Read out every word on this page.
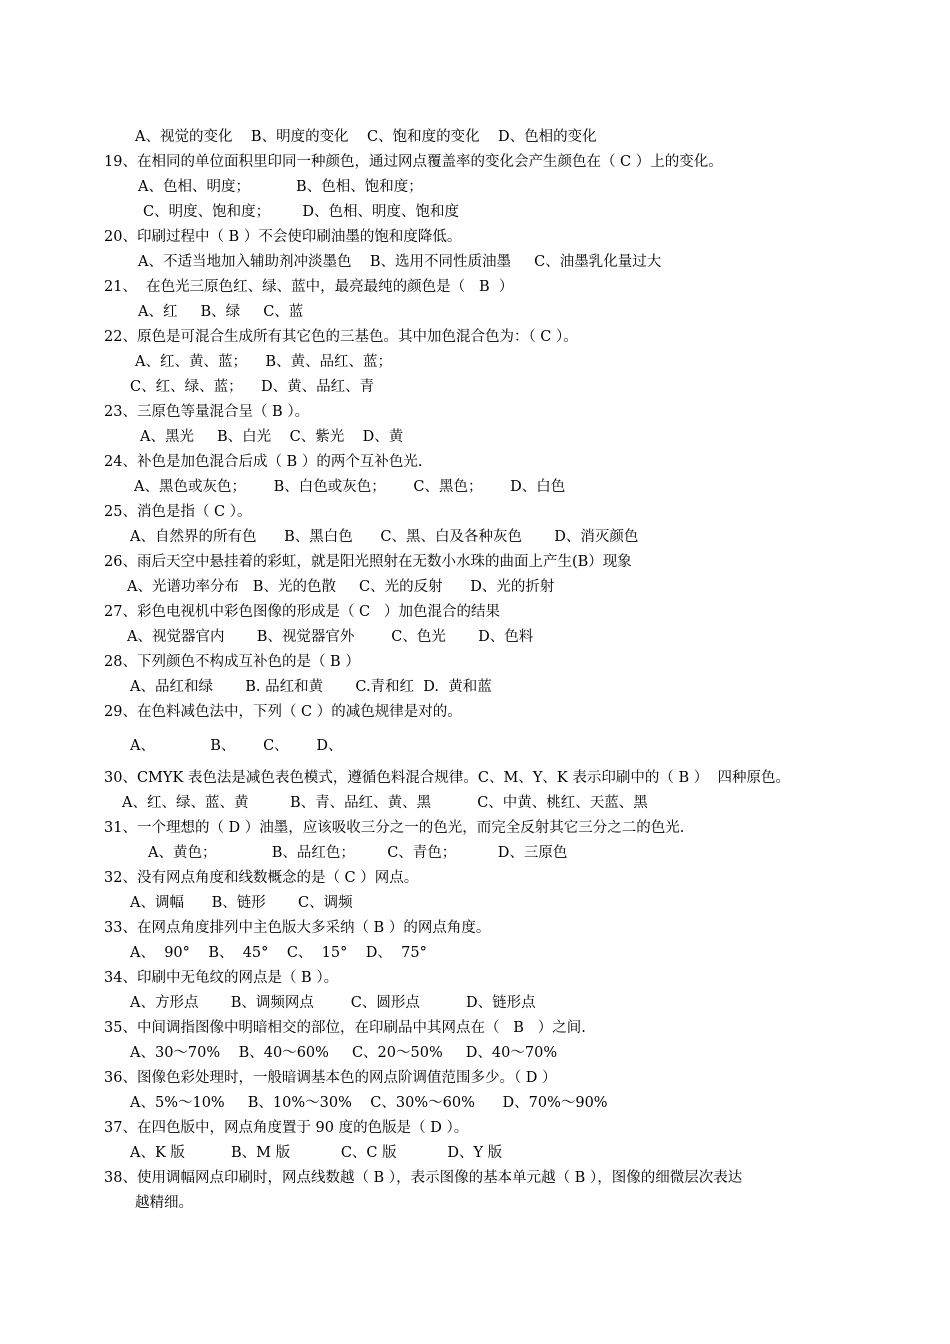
A、视觉的变化    B、明度的变化    C、饱和度的变化    D、色相的变化
19、在相同的单位面积里印同一种颜色，通过网点覆盖率的变化会产生颜色在（ C ）上的变化。
A、色相、明度；          B、色相、饱和度；
C、明度、饱和度；       D、色相、明度、饱和度
20、印刷过程中（ B ）不会使印刷油墨的饱和度降低。
A、不适当地加入辅助剂冲淡墨色    B、选用不同性质油墨     C、油墨乳化量过大
21、  在色光三原色红、绿、蓝中，最亮最纯的颜色是（   B  ）
A、红     B、绿     C、蓝
22、原色是可混合生成所有其它色的三基色。其中加色混合色为：（ C ）。
A、红、黄、蓝；    B、黄、品红、蓝；
C、红、绿、蓝；    D、黄、品红、青
23、三原色等量混合呈（ B ）。
A、黑光     B、白光    C、紫光    D、黄
24、补色是加色混合后成（ B ）的两个互补色光.
A、黑色或灰色；      B、白色或灰色；      C、黑色；      D、白色
25、消色是指（ C ）。
A、自然界的所有色      B、黑白色      C、黑、白及各种灰色       D、消灭颜色
26、雨后天空中悬挂着的彩虹，就是阳光照射在无数小水珠的曲面上产生(B）现象
A、光谱功率分布   B、光的色散     C、光的反射      D、光的折射
27、彩色电视机中彩色图像的形成是（ C   ）加色混合的结果
A、视觉器官内       B、视觉器官外        C、色光       D、色料
28、下列颜色不构成互补色的是（ B ）
A、品红和绿       B. 品红和黄       C.青和红  D.  黄和蓝
29、在色料减色法中，下列（ C ）的减色规律是对的。
A、            B、      C、      D、
30、CMYK 表色法是减色表色模式，遵循色料混合规律。C、M、Y、K 表示印刷中的（ B ）  四种原色。
A、红、绿、蓝、黄         B、青、品红、黄、黑          C、中黄、桃红、天蓝、黑
31、一个理想的（ D ）油墨，应该吸收三分之一的色光，而完全反射其它三分之二的色光.
A、黄色；            B、品红色；       C、青色；         D、三原色
32、没有网点角度和线数概念的是（ C ）网点。
A、调幅      B、链形       C、调频
33、在网点角度排列中主色版大多采纳（ B ）的网点角度。
A、  90°    B、  45°    C、  15°    D、  75°
34、印刷中无龟纹的网点是（ B ）。
A、方形点       B、调频网点        C、圆形点          D、链形点
35、中间调指图像中明暗相交的部位，在印刷品中其网点在（   B   ）之间.
A、30～70%    B、40～60%     C、20～50%     D、40～70%
36、图像色彩处理时，一般暗调基本色的网点阶调值范围多少。（ D ）
A、5%～10%     B、10%～30%    C、30%～60%      D、70%～90%
37、在四色版中，网点角度置于 90 度的色版是（ D ）。
A、K 版          B、M 版           C、C 版           D、Y 版
38、使用调幅网点印刷时，网点线数越（ B ），表示图像的基本单元越（ B ），图像的细微层次表达
越精细。
